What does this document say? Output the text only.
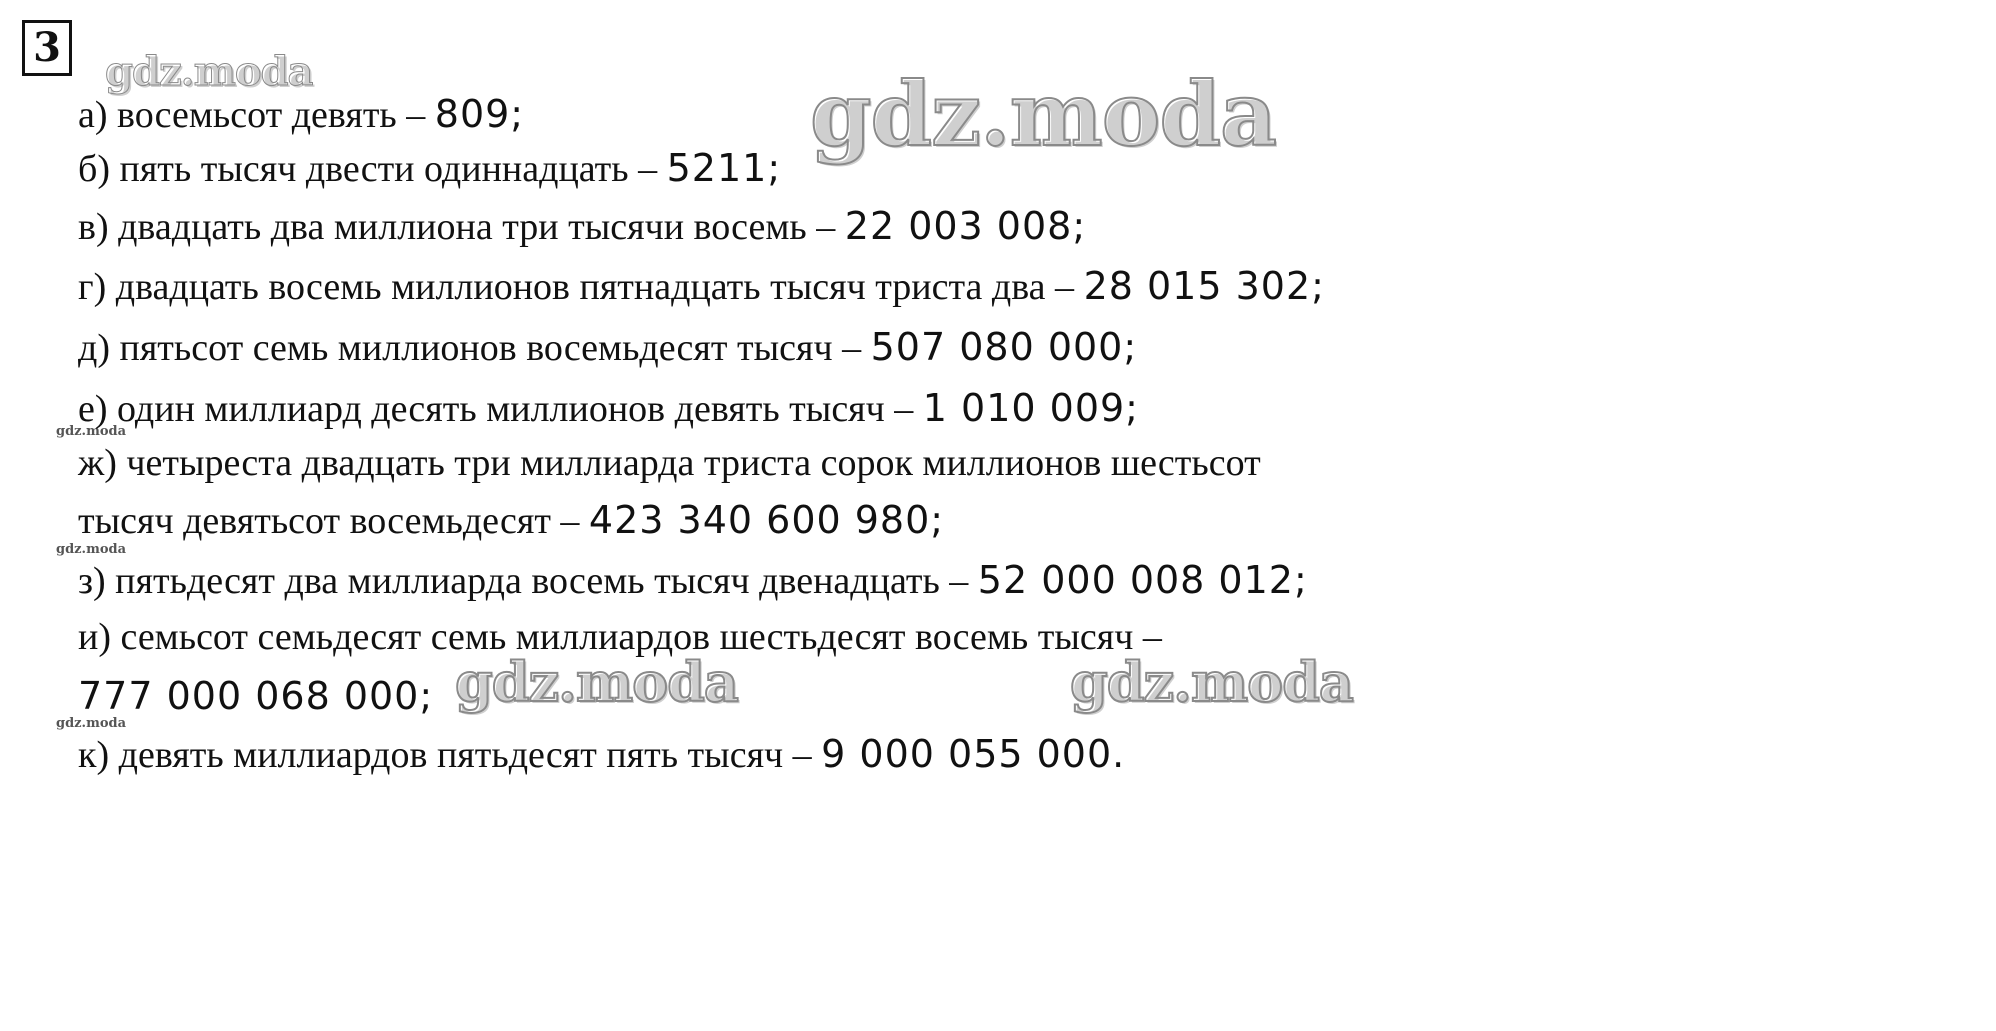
3
gdz.moda	gdz.moda
gdz.moda	gdz.moda
gdz.moda
gdz.moda
gdz.moda
а) восемьсот девять – 809;
б) пять тысяч двести одиннадцать – 5211;
в) двадцать два миллиона три тысячи восемь – 22 003 008;
г) двадцать восемь миллионов пятнадцать тысяч триста два – 28 015 302;
д) пятьсот семь миллионов восемьдесят тысяч – 507 080 000;
е) один миллиард десять миллионов девять тысяч – 1 010 009;
ж) четыреста двадцать три миллиарда триста сорок миллионов шестьсот
тысяч девятьсот восемьдесят – 423 340 600 980;
з) пятьдесят два миллиарда восемь тысяч двенадцать – 52 000 008 012;
и) семьсот семьдесят семь миллиардов шестьдесят восемь тысяч –
777 000 068 000;
к) девять миллиардов пятьдесят пять тысяч – 9 000 055 000.
